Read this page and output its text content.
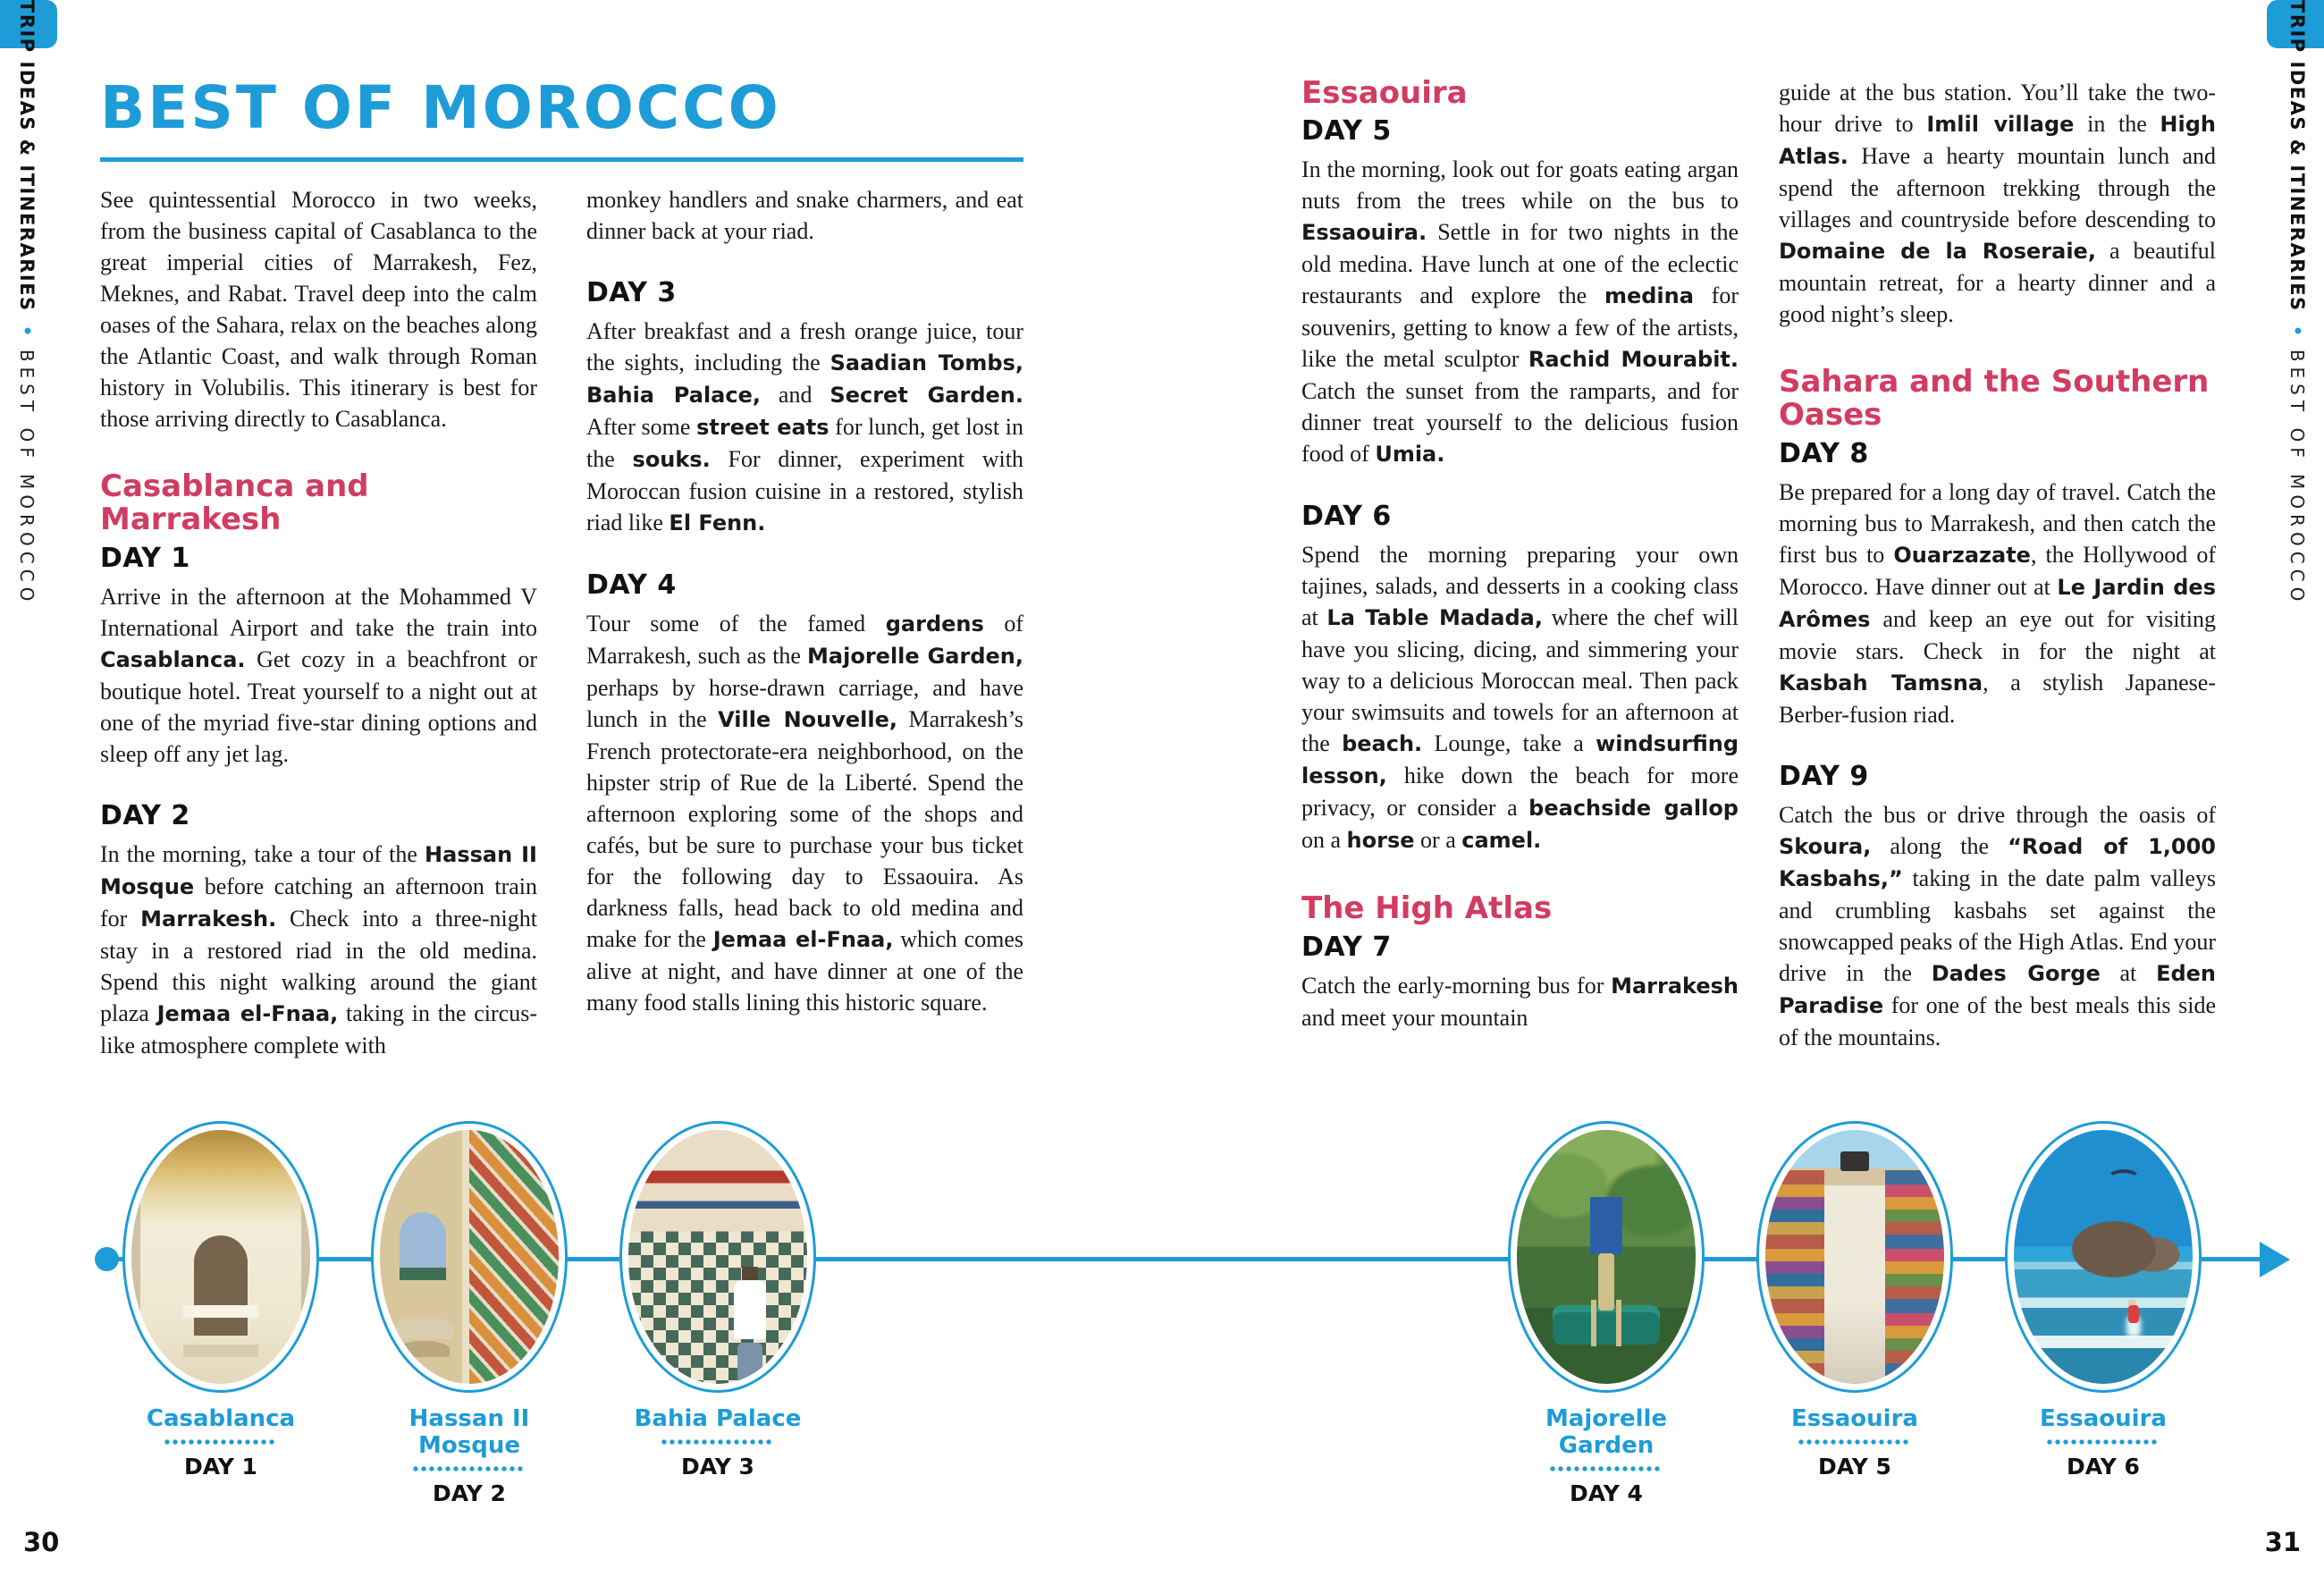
TRIP IDEAS & ITINERARIES•BEST OF MOROCCO
TRIP IDEAS & ITINERARIES•BEST OF MOROCCO
BEST OF MOROCCO

See quintessential Morocco in two weeks, from the business capital of Casablanca to the great imperial cities of Marrakesh, Fez, Meknes, and Rabat. Travel deep into the calm oases of the Sahara, relax on the beaches along the Atlantic Coast, and walk through Roman history in Volubilis. This itinerary is best for those arriving directly to Casablanca.

Casablanca and Marrakesh
DAY 1

Arrive in the afternoon at the Mohammed V International Airport and take the train into Casablanca. Get cozy in a beachfront or boutique hotel. Treat yourself to a night out at one of the myriad five-star dining options and sleep off any jet lag.

DAY 2

In the morning, take a tour of the Hassan II Mosque before catching an afternoon train for Marrakesh. Check into a three-night stay in a restored riad in the old medina. Spend this night walking around the giant plaza Jemaa el-Fnaa, taking in the circus-like atmosphere complete with

monkey handlers and snake charmers, and eat dinner back at your riad.

DAY 3

After breakfast and a fresh orange juice, tour the sights, including the Saadian Tombs, Bahia Palace, and Secret Garden. After some street eats for lunch, get lost in the souks. For dinner, experiment with Moroccan fusion cuisine in a restored, stylish riad like El Fenn.

DAY 4

Tour some of the famed gardens of Marrakesh, such as the Majorelle Garden, perhaps by horse-drawn carriage, and have lunch in the Ville Nouvelle, Marrakesh’s French protectorate-era neighborhood, on the hipster strip of Rue de la Liberté. Spend the afternoon exploring some of the shops and cafés, but be sure to purchase your bus ticket for the following day to Essaouira. As darkness falls, head back to old medina and make for the Jemaa el-Fnaa, which comes alive at night, and have dinner at one of the many food stalls lining this historic square.

Essaouira
DAY 5

In the morning, look out for goats eating argan nuts from the trees while on the bus to Essaouira. Settle in for two nights in the old medina. Have lunch at one of the eclectic restaurants and explore the medina for souvenirs, getting to know a few of the artists, like the metal sculptor Rachid Mourabit. Catch the sunset from the ramparts, and for dinner treat yourself to the delicious fusion food of Umia.

DAY 6

Spend the morning preparing your own tajines, salads, and desserts in a cooking class at La Table Madada, where the chef will have you slicing, dicing, and simmering your way to a delicious Moroccan meal. Then pack your swimsuits and towels for an afternoon at the beach. Lounge, take a windsurfing lesson, hike down the beach for more privacy, or consider a beachside gallop on a horse or a camel.

The High Atlas
DAY 7

Catch the early-morning bus for Marrakesh and meet your mountain

guide at the bus station. You’ll take the two-hour drive to Imlil village in the High Atlas. Have a hearty mountain lunch and spend the afternoon trekking through the villages and countryside before descending to Domaine de la Roseraie, a beautiful mountain retreat, for a hearty dinner and a good night’s sleep.

Sahara and the Southern Oases
DAY 8

Be prepared for a long day of travel. Catch the morning bus to Marrakesh, and then catch the first bus to Ouarzazate, the Hollywood of Morocco. Have dinner out at Le Jardin des Arômes and keep an eye out for visiting movie stars. Check in for the night at Kasbah Tamsna, a stylish Japanese-Berber-fusion riad.

DAY 9

Catch the bus or drive through the oasis of Skoura, along the “Road of 1,000 Kasbahs,” taking in the date palm valleys and crumbling kasbahs set against the snowcapped peaks of the High Atlas. End your drive in the Dades Gorge at Eden Paradise for one of the best meals this side of the mountains.

Casablanca
DAY 1
Hassan II Mosque
DAY 2
Bahia Palace
DAY 3
Majorelle Garden
DAY 4
Essaouira
DAY 5
Essaouira
DAY 6
30	31
